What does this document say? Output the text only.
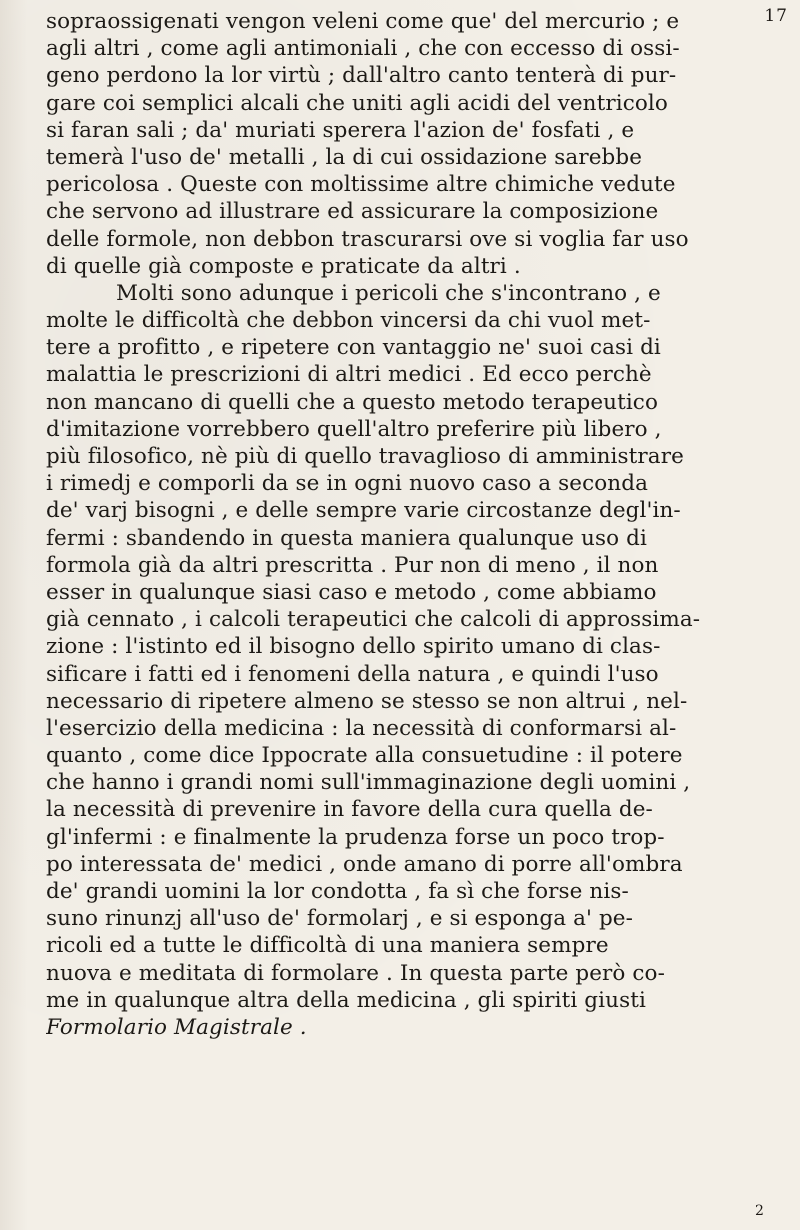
17
sopraossigenati vengon veleni come que' del mercurio ; e
agli altri , come agli antimoniali , che con eccesso di ossi-
geno perdono la lor virtù ; dall'altro canto tenterà di pur-
gare coi semplici alcali che uniti agli acidi del ventricolo
si faran sali ; da' muriati sperera l'azion de' fosfati , e
temerà l'uso de' metalli , la di cui ossidazione sarebbe
pericolosa . Queste con moltissime altre chimiche vedute
che servono ad illustrare ed assicurare la composizione
delle formole, non debbon trascurarsi ove si voglia far uso
di quelle già composte e praticate da altri .
Molti sono adunque i pericoli che s'incontrano , e
molte le difficoltà che debbon vincersi da chi vuol met-
tere a profitto , e ripetere con vantaggio ne' suoi casi di
malattia le prescrizioni di altri medici . Ed ecco perchè
non mancano di quelli che a questo metodo terapeutico
d'imitazione vorrebbero quell'altro preferire più libero ,
più filosofico, nè più di quello travaglioso di amministrare
i rimedj e comporli da se in ogni nuovo caso a seconda
de' varj bisogni , e delle sempre varie circostanze degl'in-
fermi : sbandendo in questa maniera qualunque uso di
formola già da altri prescritta . Pur non di meno , il non
esser in qualunque siasi caso e metodo , come abbiamo
già cennato , i calcoli terapeutici che calcoli di approssima-
zione : l'istinto ed il bisogno dello spirito umano di clas-
sificare i fatti ed i fenomeni della natura , e quindi l'uso
necessario di ripetere almeno se stesso se non altrui , nel-
l'esercizio della medicina : la necessità di conformarsi al-
quanto , come dice Ippocrate alla consuetudine : il potere
che hanno i grandi nomi sull'immaginazione degli uomini ,
la necessità di prevenire in favore della cura quella de-
gl'infermi : e finalmente la prudenza forse un poco trop-
po interessata de' medici , onde amano di porre all'ombra
de' grandi uomini la lor condotta , fa sì che forse nis-
suno rinunzj all'uso de' formolarj , e si esponga a' pe-
ricoli ed a tutte le difficoltà di una maniera sempre
nuova e meditata di formolare . In questa parte però co-
me in qualunque altra della medicina , gli spiriti giusti
Formolario Magistrale .
2
